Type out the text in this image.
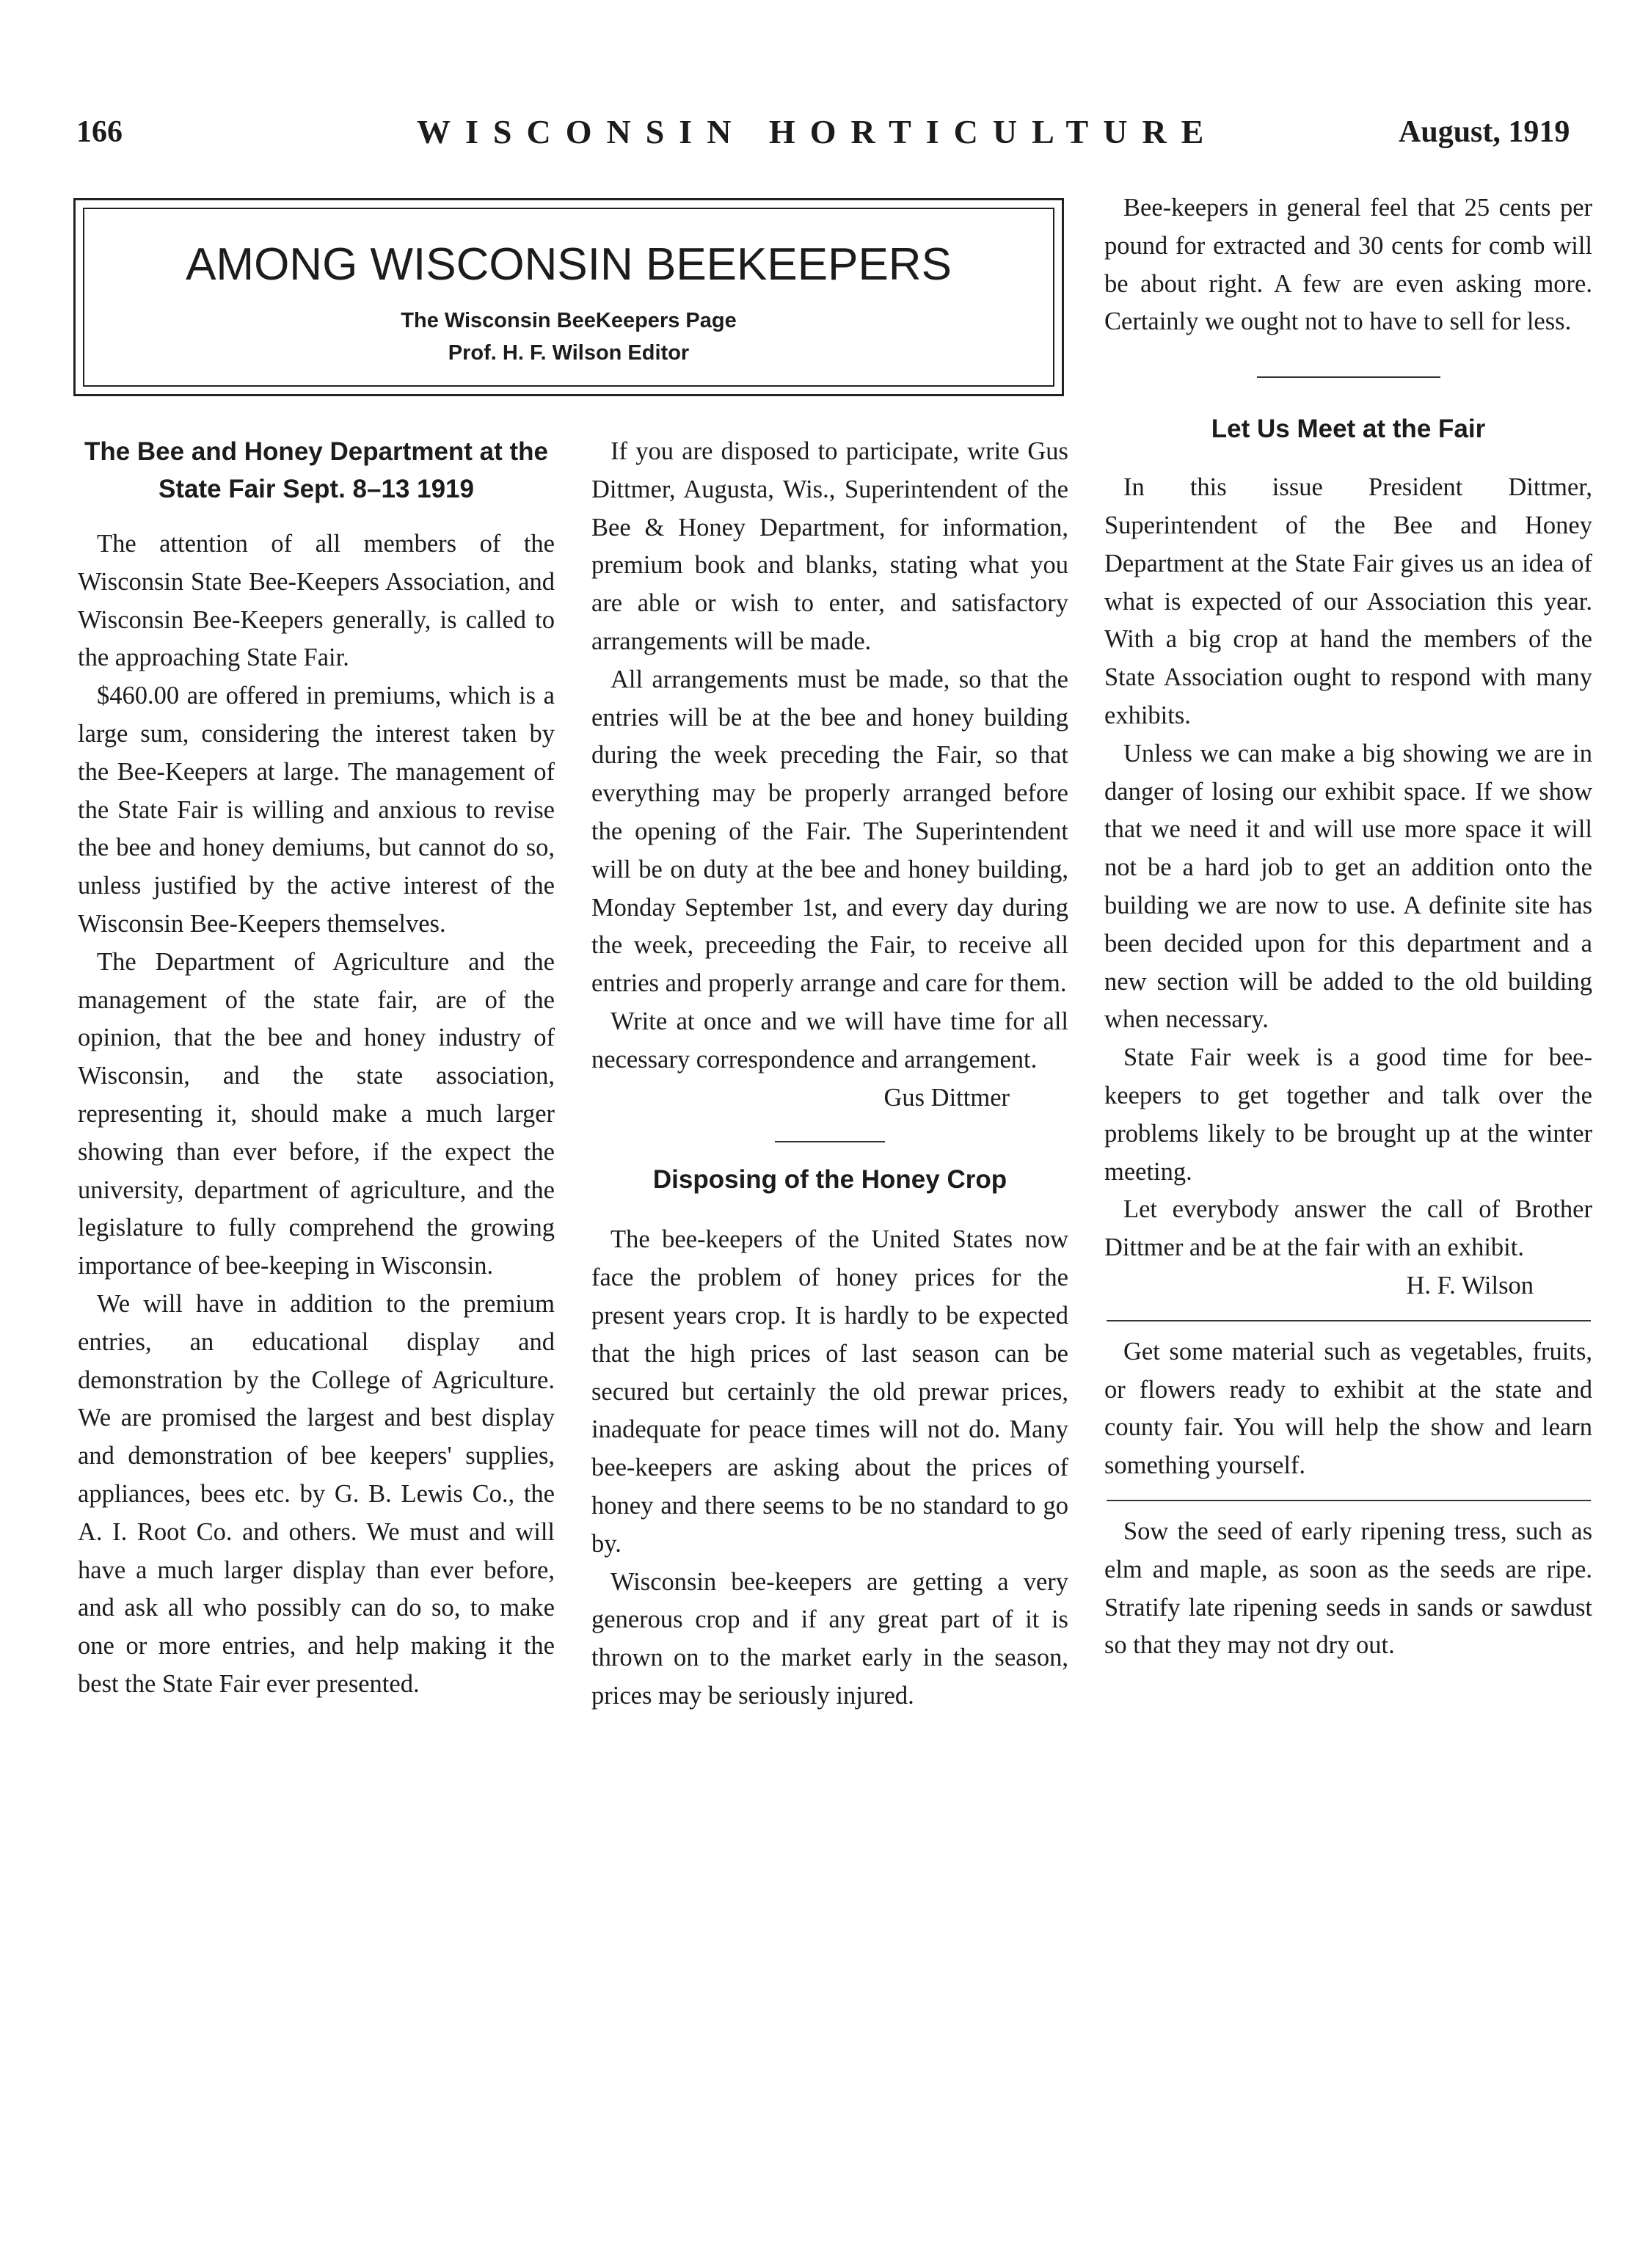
166	WISCONSIN HORTICULTURE	August, 1919
AMONG WISCONSIN BEEKEEPERS
The Wisconsin BeeKeepers Page
Prof. H. F. Wilson Editor
The Bee and Honey Department at the State Fair Sept. 8–13 1919

The attention of all members of the Wisconsin State Bee-Keepers Association, and Wisconsin Bee-Keepers generally, is called to the approaching State Fair.

$460.00 are offered in premiums, which is a large sum, considering the interest taken by the Bee-Keepers at large. The management of the State Fair is willing and anxious to revise the bee and honey demiums, but cannot do so, unless justified by the active interest of the Wisconsin Bee-Keepers themselves.

The Department of Agriculture and the management of the state fair, are of the opinion, that the bee and honey industry of Wisconsin, and the state association, representing it, should make a much larger showing than ever before, if the expect the university, department of agriculture, and the legislature to fully comprehend the growing importance of bee-keeping in Wisconsin.

We will have in addition to the premium entries, an educational display and demonstration by the College of Agriculture. We are promised the largest and best display and demonstration of bee keepers' supplies, appliances, bees etc. by G. B. Lewis Co., the A. I. Root Co. and others. We must and will have a much larger display than ever before, and ask all who possibly can do so, to make one or more entries, and help making it the best the State Fair ever presented.

If you are disposed to participate, write Gus Dittmer, Augusta, Wis., Superintendent of the Bee & Honey Department, for information, premium book and blanks, stating what you are able or wish to enter, and satisfactory arrangements will be made.

All arrangements must be made, so that the entries will be at the bee and honey building during the week preceding the Fair, so that everything may be properly arranged before the opening of the Fair. The Superintendent will be on duty at the bee and honey building, Monday September 1st, and every day during the week, preceeding the Fair, to receive all entries and properly arrange and care for them.

Write at once and we will have time for all necessary correspondence and arrangement.

Gus Dittmer

Disposing of the Honey Crop

The bee-keepers of the United States now face the problem of honey prices for the present years crop. It is hardly to be expected that the high prices of last season can be secured but certainly the old prewar prices, inadequate for peace times will not do. Many bee-keepers are asking about the prices of honey and there seems to be no standard to go by.

Wisconsin bee-keepers are getting a very generous crop and if any great part of it is thrown on to the market early in the season, prices may be seriously injured.

Bee-keepers in general feel that 25 cents per pound for extracted and 30 cents for comb will be about right. A few are even asking more. Certainly we ought not to have to sell for less.

Let Us Meet at the Fair

In this issue President Dittmer, Superintendent of the Bee and Honey Department at the State Fair gives us an idea of what is expected of our Association this year. With a big crop at hand the members of the State Association ought to respond with many exhibits.

Unless we can make a big showing we are in danger of losing our exhibit space. If we show that we need it and will use more space it will not be a hard job to get an addition onto the building we are now to use. A definite site has been decided upon for this department and a new section will be added to the old building when necessary.

State Fair week is a good time for bee-keepers to get together and talk over the problems likely to be brought up at the winter meeting.

Let everybody answer the call of Brother Dittmer and be at the fair with an exhibit.

H. F. Wilson

Get some material such as vegetables, fruits, or flowers ready to exhibit at the state and county fair. You will help the show and learn something yourself.

Sow the seed of early ripening tress, such as elm and maple, as soon as the seeds are ripe. Stratify late ripening seeds in sands or sawdust so that they may not dry out.
